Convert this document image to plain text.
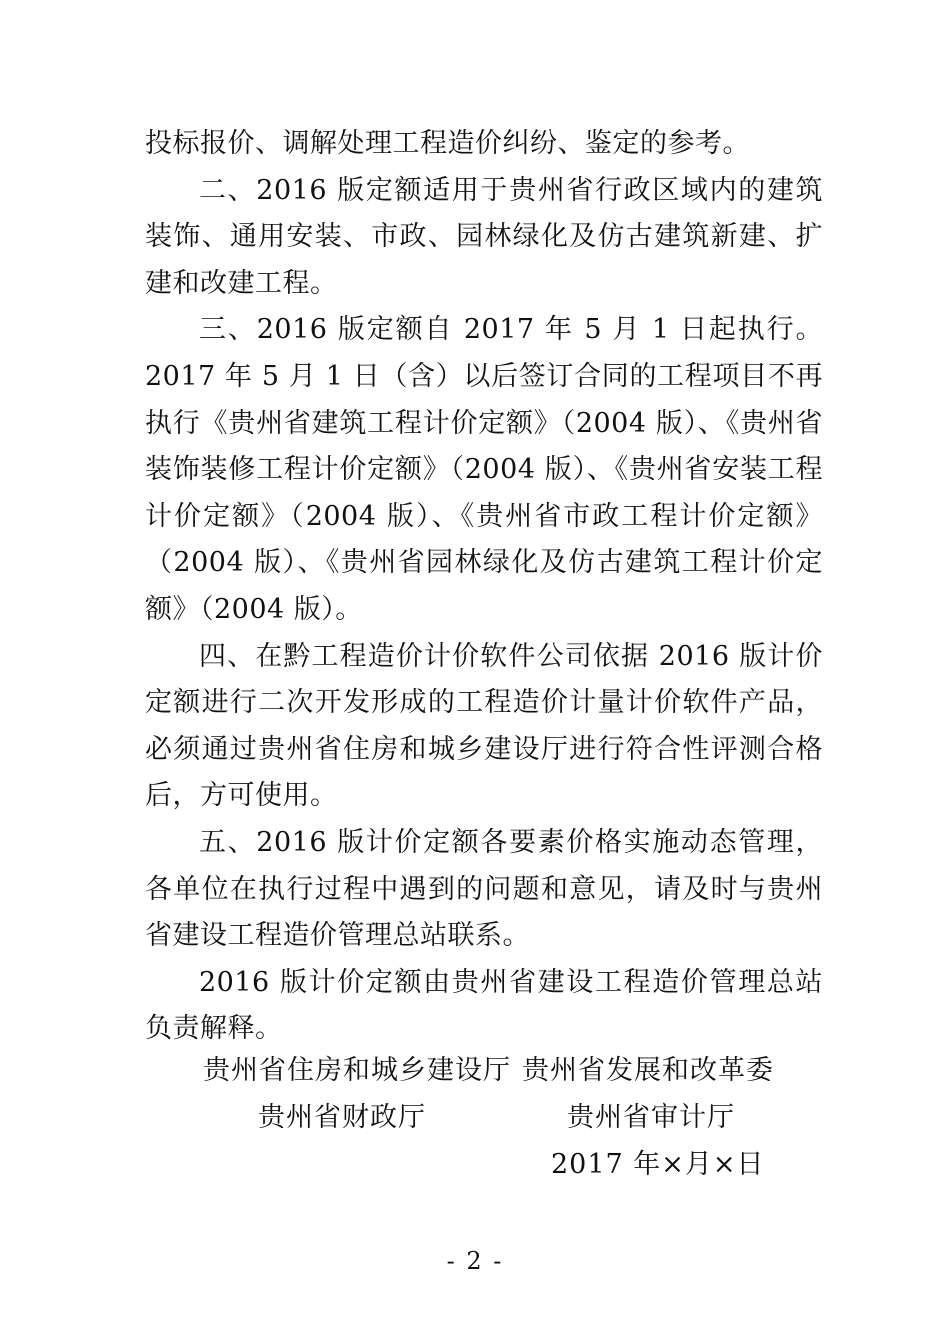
投标报价、调解处理工程造价纠纷、鉴定的参考。

二、2016 版定额适用于贵州省行政区域内的建筑装饰、通用安装、市政、园林绿化及仿古建筑新建、扩建和改建工程。

三、2016 版定额自 2017 年 5 月 1 日起执行。2017 年 5 月 1 日（含）以后签订合同的工程项目不再执行《贵州省建筑工程计价定额》（2004 版）、《贵州省装饰装修工程计价定额》（2004 版）、《贵州省安装工程计价定额》（2004 版）、《贵州省市政工程计价定额》（2004 版）、《贵州省园林绿化及仿古建筑工程计价定额》（2004 版）。

四、在黔工程造价计价软件公司依据 2016 版计价定额进行二次开发形成的工程造价计量计价软件产品，必须通过贵州省住房和城乡建设厅进行符合性评测合格后，方可使用。

五、2016 版计价定额各要素价格实施动态管理，各单位在执行过程中遇到的问题和意见，请及时与贵州省建设工程造价管理总站联系。

2016 版计价定额由贵州省建设工程造价管理总站负责解释。

贵州省住房和城乡建设厅 贵州省发展和改革委
贵州省财政厅	贵州省审计厅
2017 年×月×日
- 2 -
